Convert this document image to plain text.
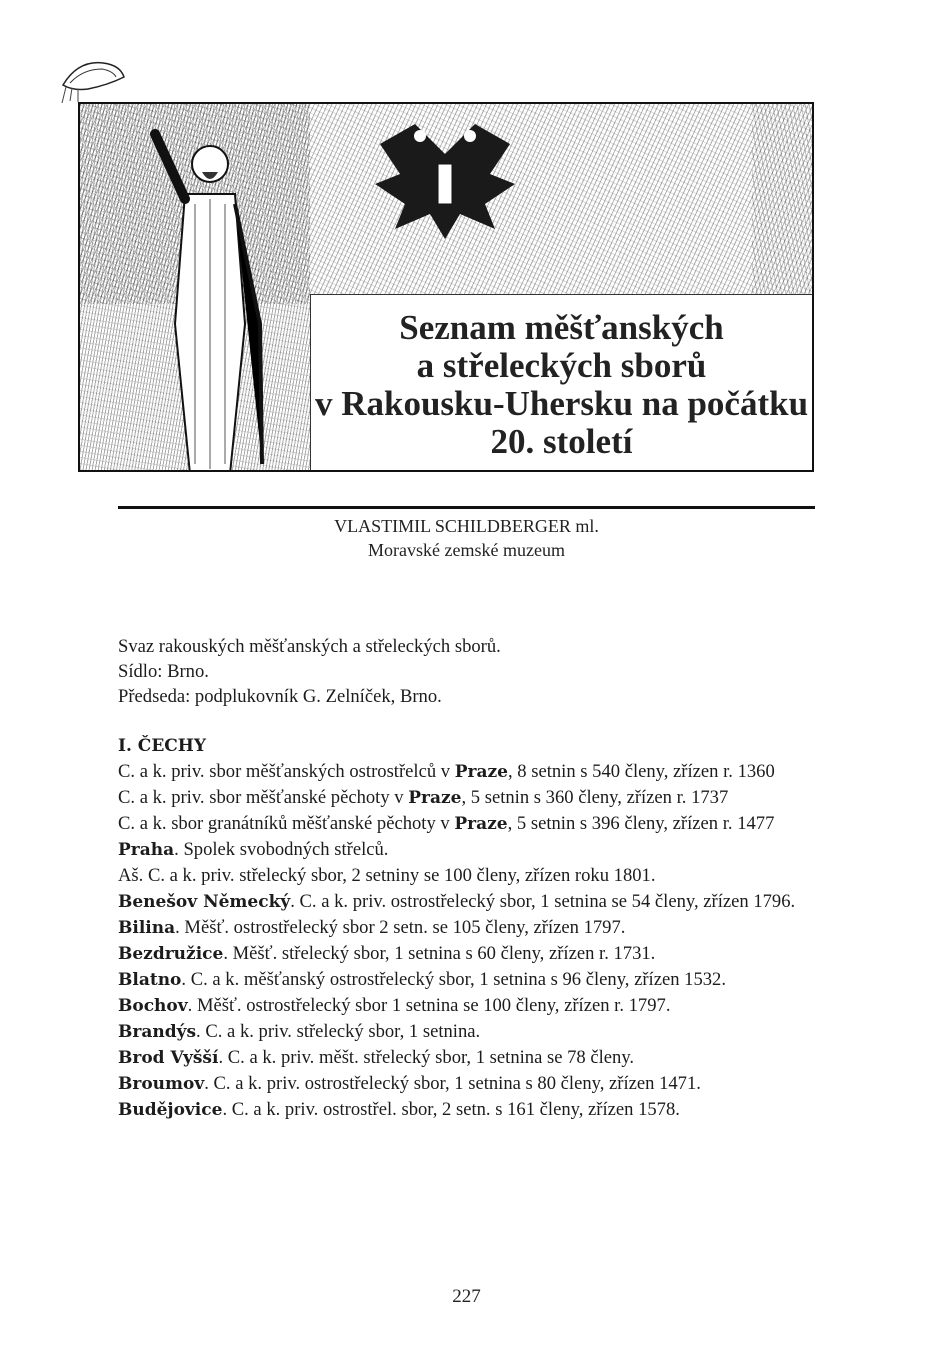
Seznam měšťanských
a střeleckých sborů
v Rakousku-Uhersku na počátku
20. století
VLASTIMIL SCHILDBERGER ml.
Moravské zemské muzeum

Svaz rakouských měšťanských a střeleckých sborů.

Sídlo: Brno.

Předseda: podplukovník G. Zelníček, Brno.

I. ČECHY

C. a k. priv. sbor měšťanských ostrostřelců v Praze, 8 setnin s 540 členy, zřízen r. 1360

C. a k. priv. sbor měšťanské pěchoty v Praze, 5 setnin s 360 členy, zřízen r. 1737

C. a k. sbor granátníků měšťanské pěchoty v Praze, 5 setnin s 396 členy, zřízen r. 1477

Praha. Spolek svobodných střelců.

Aš. C. a k. priv. střelecký sbor, 2 setniny se 100 členy, zřízen roku 1801.

Benešov Německý. C. a k. priv. ostrostřelecký sbor, 1 setnina se 54 členy, zřízen 1796.

Bilina. Měšť. ostrostřelecký sbor 2 setn. se 105 členy, zřízen 1797.

Bezdružice. Měšť. střelecký sbor, 1 setnina s 60 členy, zřízen r. 1731.

Blatno. C. a k. měšťanský ostrostřelecký sbor, 1 setnina s 96 členy, zřízen 1532.

Bochov. Měšť. ostrostřelecký sbor 1 setnina se 100 členy, zřízen r. 1797.

Brandýs. C. a k. priv. střelecký sbor, 1 setnina.

Brod Vyšší. C. a k. priv. měšt. střelecký sbor, 1 setnina se 78 členy.

Broumov. C. a k. priv. ostrostřelecký sbor, 1 setnina s 80 členy, zřízen 1471.

Budějovice. C. a k. priv. ostrostřel. sbor, 2 setn. s 161 členy, zřízen 1578.

227
